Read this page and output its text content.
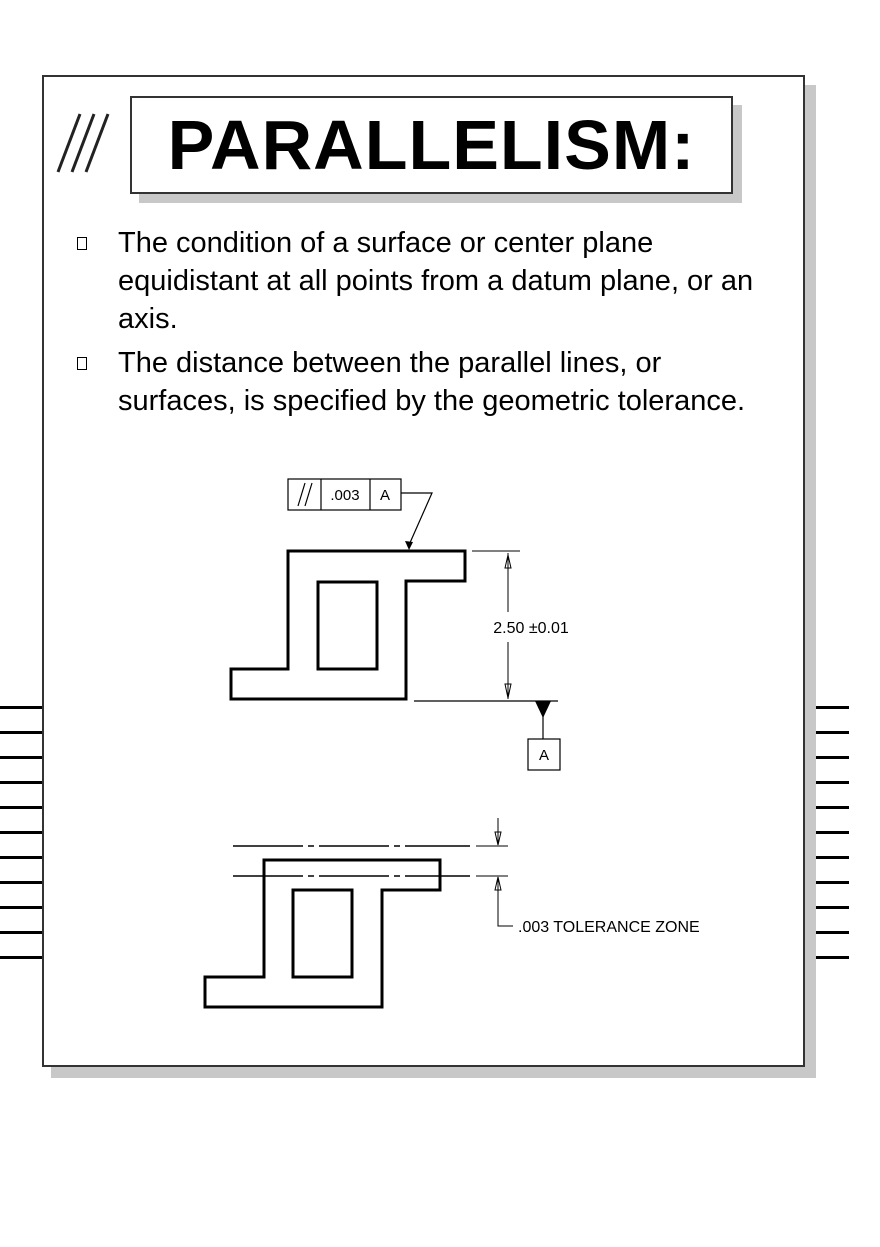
PARALLELISM:
The condition of a surface or center plane equidistant at all points from a datum plane, or an axis.
The distance between the parallel lines, or surfaces, is specified by the geometric tolerance.
.003 A
2.50 ±0.01
A
.003 TOLERANCE ZONE
